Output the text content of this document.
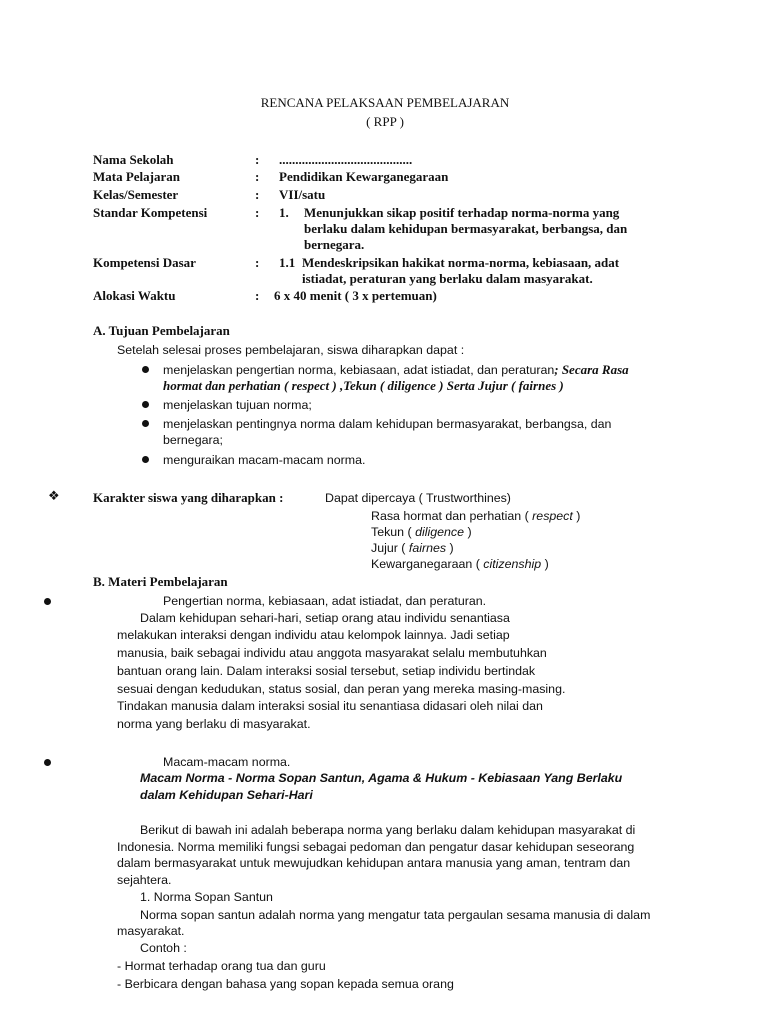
RENCANA PELAKSAAN PEMBELAJARAN
( RPP )
Nama Sekolah	: .........................................
Mata Pelajaran	: Pendidikan Kewarganegaraan
Kelas/Semester	: VII/satu
Standar Kompetensi	: 1. Menunjukkan sikap positif terhadap norma-norma yang
berlaku dalam kehidupan bermasyarakat, berbangsa, dan
bernegara.
Kompetensi Dasar	: 1.1 Mendeskripsikan hakikat norma-norma, kebiasaan, adat
istiadat, peraturan yang berlaku dalam masyarakat.
Alokasi Waktu	: 6 x 40 menit ( 3 x pertemuan)
A. Tujuan Pembelajaran
Setelah selesai proses pembelajaran, siswa diharapkan dapat :
menjelaskan pengertian norma, kebiasaan, adat istiadat, dan peraturan; Secara Rasa
hormat dan perhatian ( respect ) ,Tekun ( diligence ) Serta Jujur ( fairnes )
menjelaskan tujuan norma;
menjelaskan pentingnya norma dalam kehidupan bermasyarakat, berbangsa, dan
bernegara;
menguraikan macam-macam norma.
❖	Karakter siswa yang diharapkan :	Dapat dipercaya ( Trustworthines)
Rasa hormat dan perhatian ( respect )
Tekun ( diligence )
Jujur ( fairnes )
Kewarganegaraan ( citizenship )
B. Materi Pembelajaran
Pengertian norma, kebiasaan, adat istiadat, dan peraturan.
Dalam kehidupan sehari-hari, setiap orang atau individu senantiasa
melakukan interaksi dengan individu atau kelompok lainnya. Jadi setiap
manusia, baik sebagai individu atau anggota masyarakat selalu membutuhkan
bantuan orang lain. Dalam interaksi sosial tersebut, setiap individu bertindak
sesuai dengan kedudukan, status sosial, dan peran yang mereka masing-masing.
Tindakan manusia dalam interaksi sosial itu senantiasa didasari oleh nilai dan
norma yang berlaku di masyarakat.
Macam-macam norma.
Macam Norma - Norma Sopan Santun, Agama & Hukum - Kebiasaan Yang Berlaku
dalam Kehidupan Sehari-Hari
Berikut di bawah ini adalah beberapa norma yang berlaku dalam kehidupan masyarakat di
Indonesia. Norma memiliki fungsi sebagai pedoman dan pengatur dasar kehidupan seseorang
dalam bermasyarakat untuk mewujudkan kehidupan antara manusia yang aman, tentram dan
sejahtera.
1. Norma Sopan Santun
Norma sopan santun adalah norma yang mengatur tata pergaulan sesama manusia di dalam
masyarakat.
Contoh :
- Hormat terhadap orang tua dan guru
- Berbicara dengan bahasa yang sopan kepada semua orang
